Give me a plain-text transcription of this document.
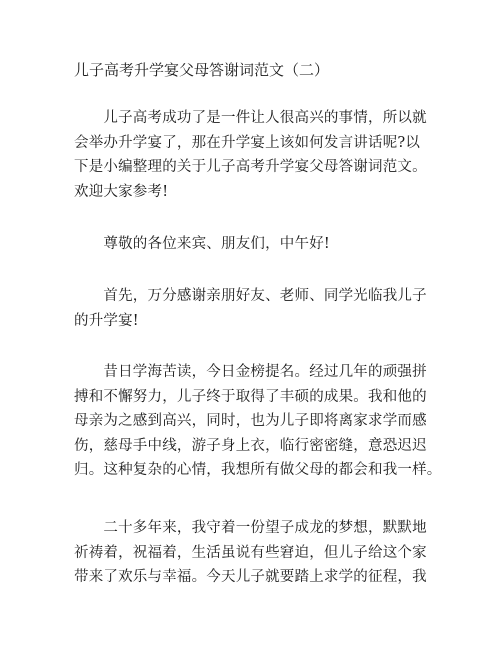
儿子高考升学宴父母答谢词范文（二）

　　儿子高考成功了是一件让人很高兴的事情，所以就
会举办升学宴了，那在升学宴上该如何发言讲话呢?以
下是小编整理的关于儿子高考升学宴父母答谢词范文。
欢迎大家参考!

　　尊敬的各位来宾、朋友们，中午好!

　　首先，万分感谢亲朋好友、老师、同学光临我儿子
的升学宴!

　　昔日学海苦读，今日金榜提名。经过几年的顽强拼
搏和不懈努力，儿子终于取得了丰硕的成果。我和他的
母亲为之感到高兴，同时，也为儿子即将离家求学而感
伤，慈母手中线，游子身上衣，临行密密缝，意恐迟迟
归。这种复杂的心情，我想所有做父母的都会和我一样。

　　二十多年来，我守着一份望子成龙的梦想，默默地
祈祷着，祝福着，生活虽说有些窘迫，但儿子给这个家
带来了欢乐与幸福。今天儿子就要踏上求学的征程，我
